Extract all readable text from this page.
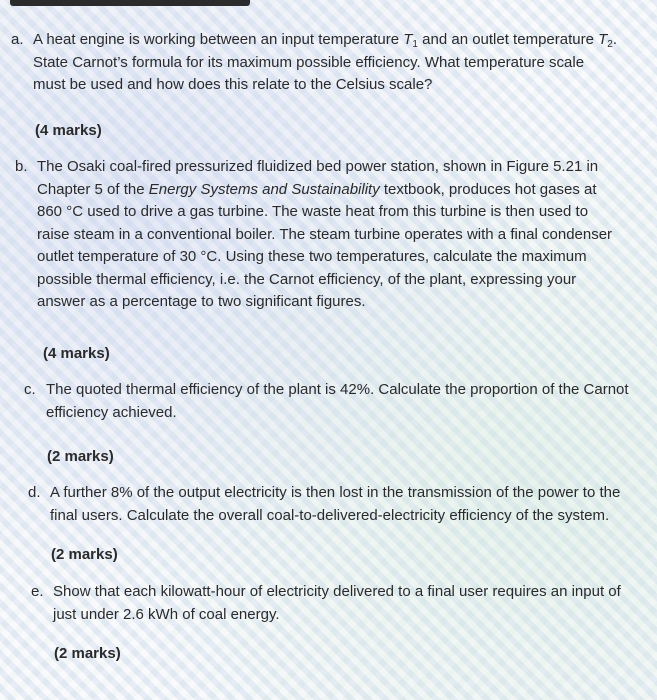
a. A heat engine is working between an input temperature $T_1$ and an outlet temperature $T_2$.
State Carnot’s formula for its maximum possible efficiency. What temperature scale
must be used and how does this relate to the Celsius scale?
(4 marks)
b. The Osaki coal-fired pressurized fluidized bed power station, shown in Figure 5.21 in
Chapter 5 of the Energy Systems and Sustainability textbook, produces hot gases at
860 °C used to drive a gas turbine. The waste heat from this turbine is then used to
raise steam in a conventional boiler. The steam turbine operates with a final condenser
outlet temperature of 30 °C. Using these two temperatures, calculate the maximum
possible thermal efficiency, i.e. the Carnot efficiency, of the plant, expressing your
answer as a percentage to two significant figures.
(4 marks)
c. The quoted thermal efficiency of the plant is 42%. Calculate the proportion of the Carnot
efficiency achieved.
(2 marks)
d. A further 8% of the output electricity is then lost in the transmission of the power to the
final users. Calculate the overall coal-to-delivered-electricity efficiency of the system.
(2 marks)
e. Show that each kilowatt-hour of electricity delivered to a final user requires an input of
just under 2.6 kWh of coal energy.
(2 marks)
